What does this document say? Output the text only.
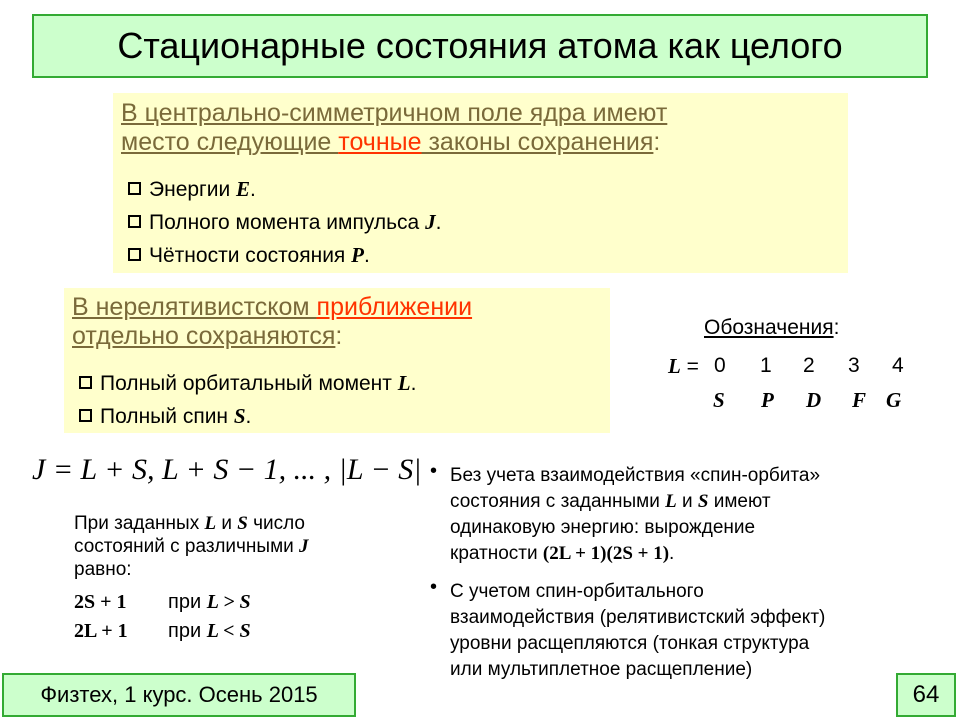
Стационарные состояния атома как целого
В центрально-симметричном поле ядра имеют
место следующие точные законы сохранения:
Энергии E.
Полного момента импульса J.
Чётности состояния P.
В нерелятивистском приближении
отдельно сохраняются:
Полный орбитальный момент L.
Полный спин S.
Обозначения:
L = 0 1 2 3 4
S P D F G
J = L + S, L + S − 1, ... , |L − S|
При заданных L и S число
состояний с различными J
равно:
2S + 1 при L > S
2L + 1 при L < S
• Без учета взаимодействия «спин-орбита»
состояния с заданными L и S имеют
одинаковую энергию: вырождение
кратности (2L + 1)(2S + 1).
• С учетом спин-орбитального
взаимодействия (релятивистский эффект)
уровни расщепляются (тонкая структура
или мультиплетное расщепление)
Физтех, 1 курс. Осень 2015	64
